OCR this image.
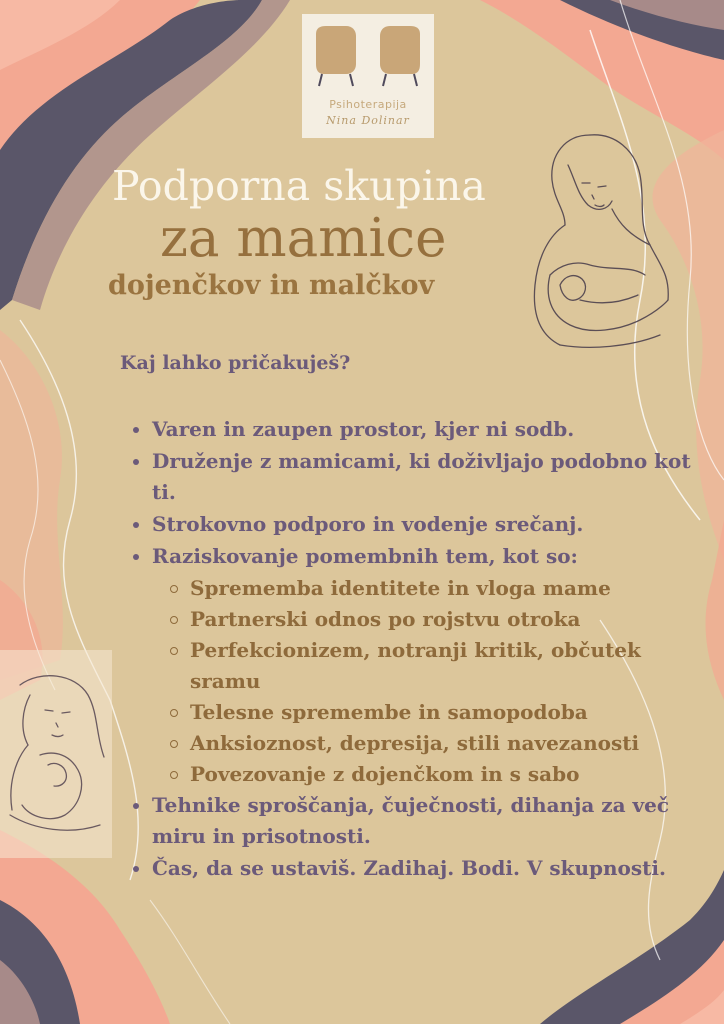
Psihoterapija
Nina Dolinar
Podporna skupina
za mamice
dojenčkov in malčkov
Kaj lahko pričakuješ?
Varen in zaupen prostor, kjer ni sodb.
Druženje z mamicami, ki doživljajo podobno kot ti.
Strokovno podporo in vodenje srečanj.
Raziskovanje pomembnih tem, kot so:
Sprememba identitete in vloga mame
Partnerski odnos po rojstvu otroka
Perfekcionizem, notranji kritik, občutek sramu
Telesne spremembe in samopodoba
Anksioznost, depresija, stili navezanosti
Povezovanje z dojenčkom in s sabo
Tehnike sproščanja, čuječnosti, dihanja za več miru in prisotnosti.
Čas, da se ustaviš. Zadihaj. Bodi. V skupnosti.
